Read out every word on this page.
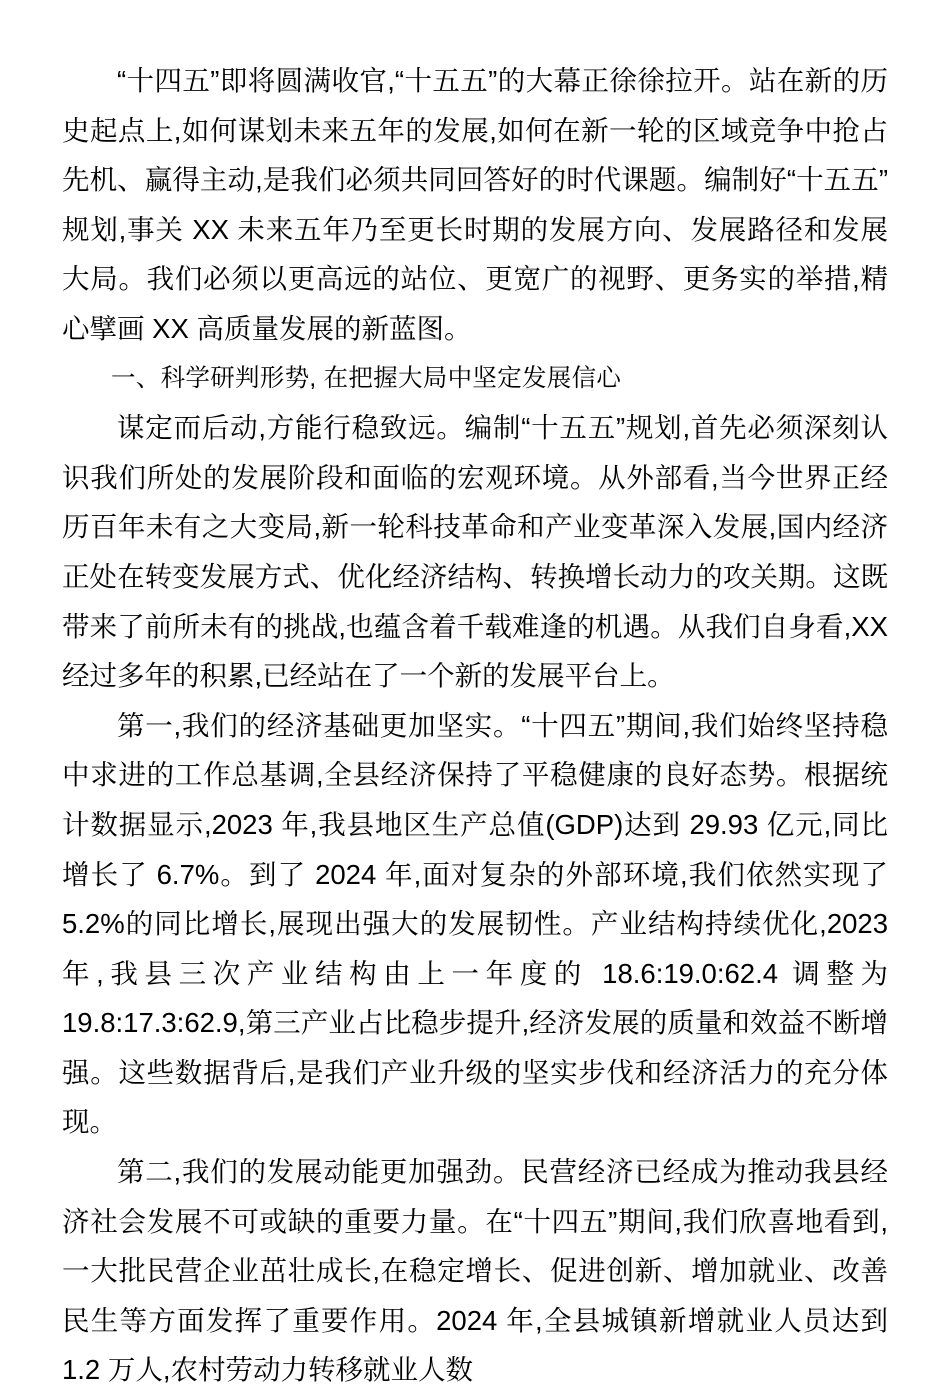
“十四五”即将圆满收官,“十五五”的大幕正徐徐拉开。站在新的历史起点上,如何谋划未来五年的发展,如何在新一轮的区域竞争中抢占先机、赢得主动,是我们必须共同回答好的时代课题。编制好“十五五”规划,事关 XX 未来五年乃至更长时期的发展方向、发展路径和发展大局。我们必须以更高远的站位、更宽广的视野、更务实的举措,精心擘画 XX 高质量发展的新蓝图。

一、科学研判形势, 在把握大局中坚定发展信心

谋定而后动,方能行稳致远。编制“十五五”规划,首先必须深刻认识我们所处的发展阶段和面临的宏观环境。从外部看,当今世界正经历百年未有之大变局,新一轮科技革命和产业变革深入发展,国内经济正处在转变发展方式、优化经济结构、转换增长动力的攻关期。这既带来了前所未有的挑战,也蕴含着千载难逢的机遇。从我们自身看,XX 经过多年的积累,已经站在了一个新的发展平台上。

第一,我们的经济基础更加坚实。“十四五”期间,我们始终坚持稳中求进的工作总基调,全县经济保持了平稳健康的良好态势。根据统计数据显示,2023 年,我县地区生产总值(GDP)达到 29.93 亿元,同比增长了 6.7%。到了 2024 年,面对复杂的外部环境,我们依然实现了 5.2%的同比增长,展现出强大的发展韧性。产业结构持续优化,2023 年,我县三次产业结构由上一年度的 18.6:19.0:62.4 调整为 19.8:17.3:62.9,第三产业占比稳步提升,经济发展的质量和效益不断增强。这些数据背后,是我们产业升级的坚实步伐和经济活力的充分体现。

第二,我们的发展动能更加强劲。民营经济已经成为推动我县经济社会发展不可或缺的重要力量。在“十四五”期间,我们欣喜地看到,一大批民营企业茁壮成长,在稳定增长、促进创新、增加就业、改善民生等方面发挥了重要作用。2024 年,全县城镇新增就业人员达到 1.2 万人,农村劳动力转移就业人数
